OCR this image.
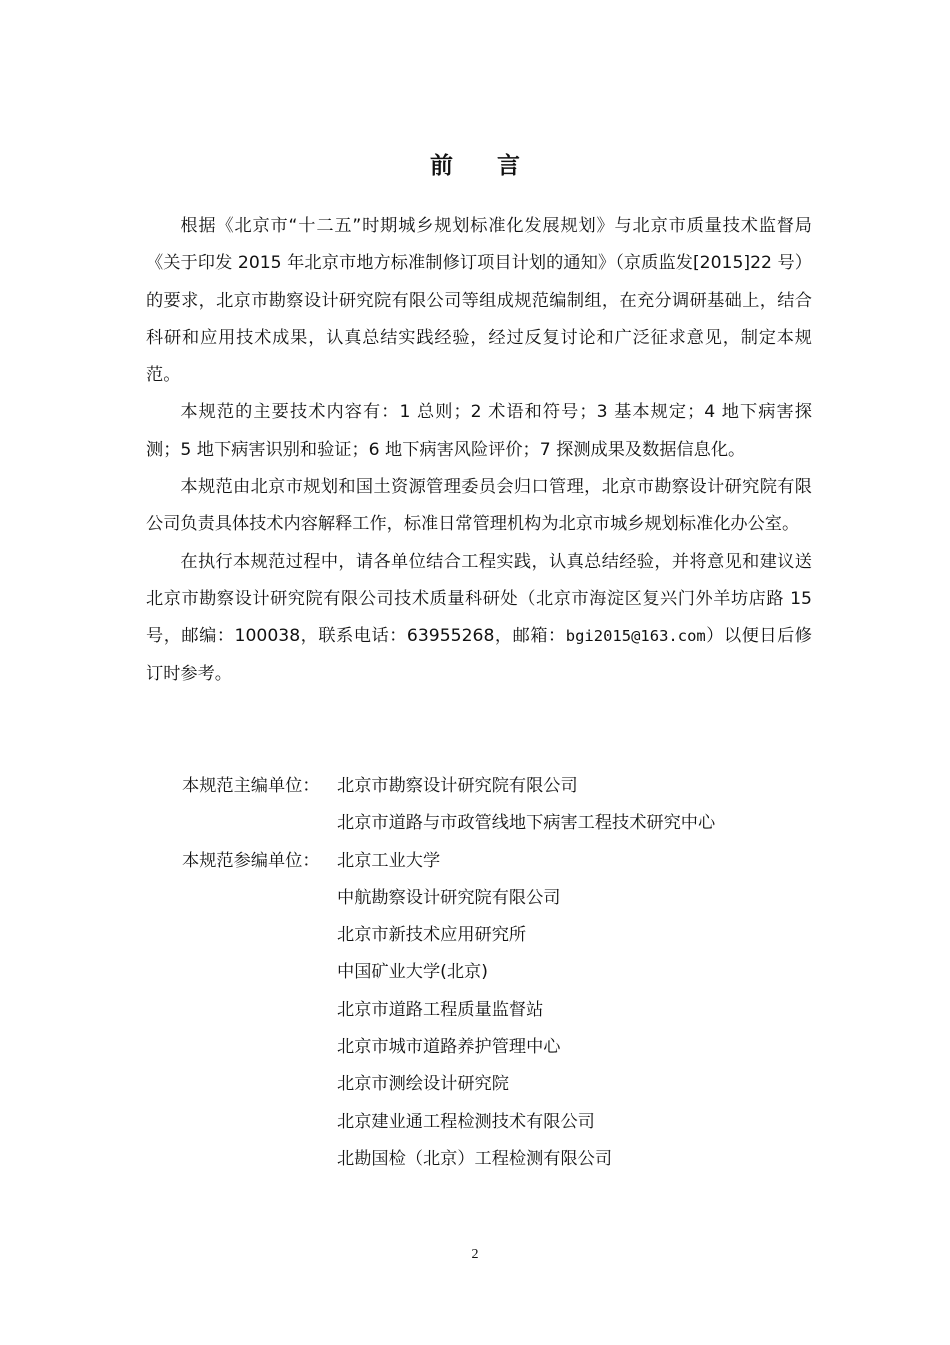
前言

根据《北京市“十二五”时期城乡规划标准化发展规划》与北京市质量技术监督局《关于印发 2015 年北京市地方标准制修订项目计划的通知》（京质监发[2015]22 号）的要求，北京市勘察设计研究院有限公司等组成规范编制组，在充分调研基础上，结合科研和应用技术成果，认真总结实践经验，经过反复讨论和广泛征求意见，制定本规范。

本规范的主要技术内容有：1 总则；2 术语和符号；3 基本规定；4 地下病害探测；5 地下病害识别和验证；6 地下病害风险评价；7 探测成果及数据信息化。

本规范由北京市规划和国土资源管理委员会归口管理，北京市勘察设计研究院有限公司负责具体技术内容解释工作，标准日常管理机构为北京市城乡规划标准化办公室。

在执行本规范过程中，请各单位结合工程实践，认真总结经验，并将意见和建议送北京市勘察设计研究院有限公司技术质量科研处（北京市海淀区复兴门外羊坊店路 15 号，邮编：100038，联系电话：63955268，邮箱：bgi2015@163.com）以便日后修订时参考。

本规范主编单位：	北京市勘察设计研究院有限公司
北京市道路与市政管线地下病害工程技术研究中心
本规范参编单位：	北京工业大学
中航勘察设计研究院有限公司
北京市新技术应用研究所
中国矿业大学(北京)
北京市道路工程质量监督站
北京市城市道路养护管理中心
北京市测绘设计研究院
北京建业通工程检测技术有限公司
北勘国检（北京）工程检测有限公司
2
